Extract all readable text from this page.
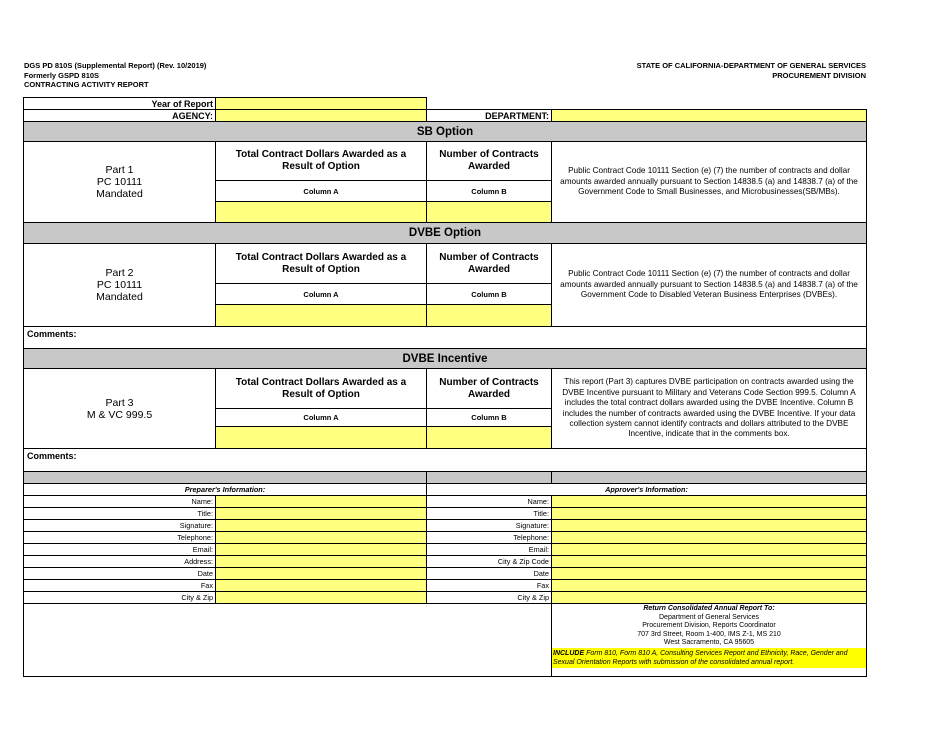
DGS PD 810S (Supplemental Report) (Rev. 10/2019)
Formerly GSPD 810S
CONTRACTING ACTIVITY REPORT
STATE OF CALIFORNIA-DEPARTMENT OF GENERAL SERVICES
PROCUREMENT DIVISION
Year of Report
AGENCY:	DEPARTMENT:
SB Option
Part 1
PC 10111
Mandated
Total Contract Dollars Awarded as a Result of Option
Number of Contracts Awarded
Column A	Column B
Public Contract Code 10111 Section (e) (7) the number of contracts and dollar amounts awarded annually pursuant to Section 14838.5 (a) and 14838.7 (a) of the Government Code to Small Businesses, and Microbusinesses(SB/MBs).
DVBE Option
Part 2
PC 10111
Mandated
Total Contract Dollars Awarded as a Result of Option
Number of Contracts Awarded
Column A	Column B
Public Contract Code 10111 Section (e) (7) the number of contracts and dollar amounts awarded annually pursuant to Section 14838.5 (a) and 14838.7 (a) of the Government Code to Disabled Veteran Business Enterprises (DVBEs).
Comments:
DVBE Incentive
Part 3
M & VC 999.5
Total Contract Dollars Awarded as a Result of Option
Number of Contracts Awarded
Column A	Column B
This report (Part 3) captures DVBE participation on contracts awarded using the DVBE Incentive pursuant to Military and Veterans Code Section 999.5. Column A includes the total contract dollars awarded using the DVBE Incentive. Column B includes the number of contracts awarded using the DVBE Incentive. If your data collection system cannot identify contracts and dollars attributed to the DVBE Incentive, indicate that in the comments box.
Comments:
Preparer's Information:	Approver's Information:
Name:	Name:
Title:	Title:
Signature:	Signature:
Telephone:	Telephone:
Email:	Email:
Address:	City & Zip Code
Date	Date
Fax	Fax
City & Zip	City & Zip
Return Consolidated Annual Report To:
Department of General Services
Procurement Division, Reports Coordinator
707 3rd Street, Room 1-400, IMS Z-1, MS 210
West Sacramento, CA 95605
INCLUDE Form 810, Form 810 A, Consulting Services Report and Ethnicity, Race, Gender and Sexual Orientation Reports with submission of the consolidated annual report.
